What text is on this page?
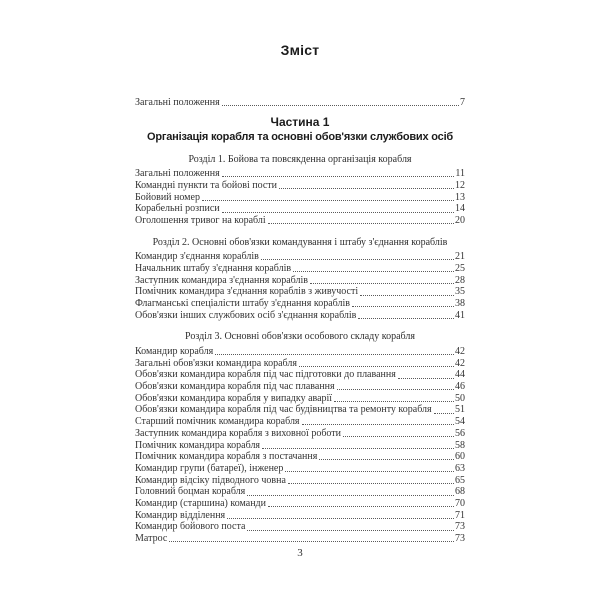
Зміст
Загальні положення	7
Частина 1
Організація корабля та основні обов'язки службових осіб
Розділ 1. Бойова та повсякденна організація корабля
Загальні положення	11
Командні пункти та бойові пости	12
Бойовий номер	13
Корабельні розписи	14
Оголошення тривог на кораблі	20
Розділ 2. Основні обов'язки командування і штабу з'єднання кораблів
Командир з'єднання кораблів	21
Начальник штабу з'єднання кораблів	25
Заступник командира з'єднання кораблів	28
Помічник командира з'єднання кораблів з живучості	35
Флагманські спеціалісти штабу з'єднання кораблів	38
Обов'язки інших службових осіб з'єднання кораблів	41
Розділ 3. Основні обов'язки особового складу корабля
Командир корабля	42
Загальні обов'язки командира корабля	42
Обов'язки командира корабля під час підготовки до плавання	44
Обов'язки командира корабля під час плавання	46
Обов'язки командира корабля у випадку аварії	50
Обов'язки командира корабля під час будівництва та ремонту корабля 51
Старший помічник командира корабля	54
Заступник командира корабля з виховної роботи	56
Помічник командира корабля	58
Помічник командира корабля з постачання	60
Командир групи (батареї), інженер	63
Командир відсіку підводного човна	65
Головний боцман корабля	68
Командир (старшина) команди	70
Командир відділення	71
Командир бойового поста	73
Матрос	73
3
